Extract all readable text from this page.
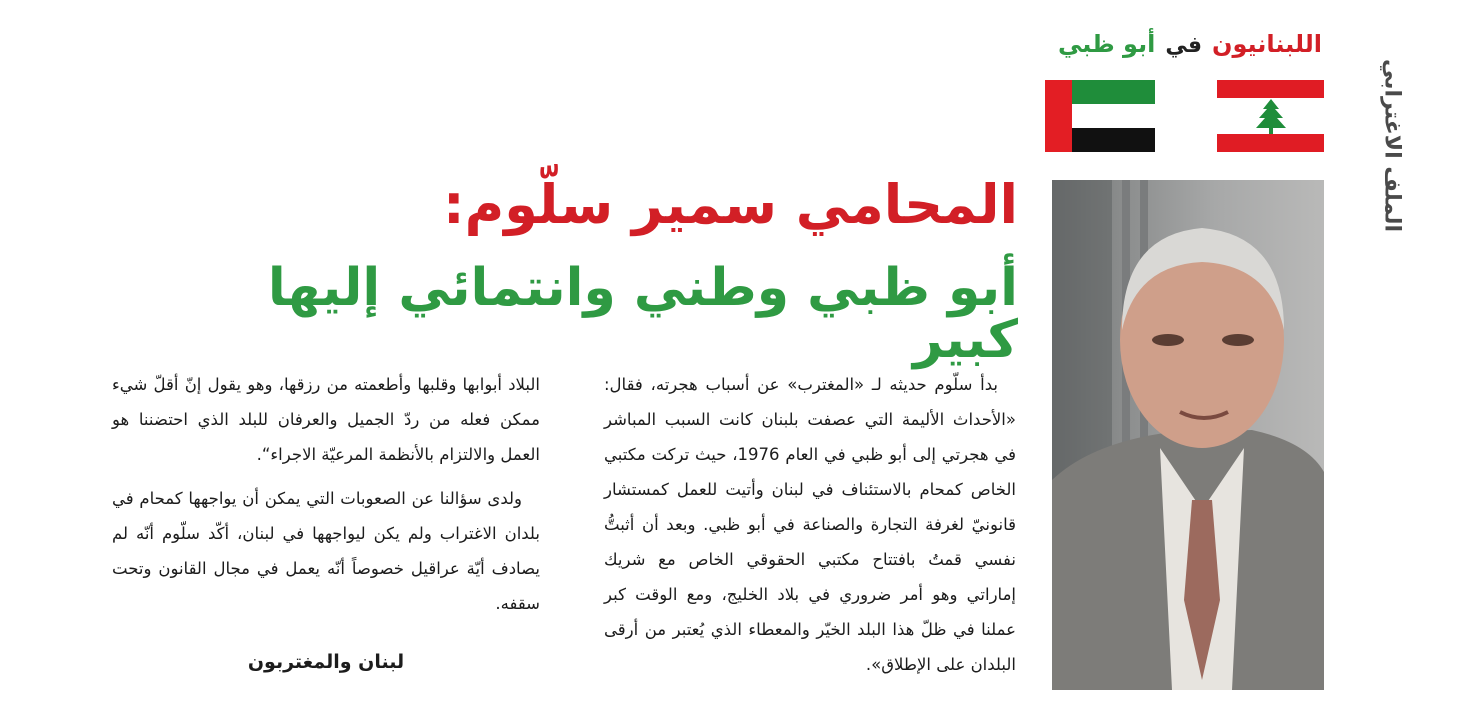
الملف الاغترابي
اللبنانيون
في
أبو ظبي
المحامي سمير سلّوم:
أبو ظبي وطني وانتمائي إليها كبير

بدأ سلّوم حديثه لـ «المغترب» عن أسباب هجرته، فقال: «الأحداث الأليمة التي عصفت بلبنان كانت السبب المباشر في هجرتي إلى أبو ظبي في العام 1976، حيث تركت مكتبي الخاص كمحام بالاستئناف في لبنان وأتيت للعمل كمستشار قانونيّ لغرفة التجارة والصناعة في أبو ظبي. وبعد أن أثبتُّ نفسي قمتُ بافتتاح مكتبي الحقوقي الخاص مع شريك إماراتي وهو أمر ضروري في بلاد الخليج، ومع الوقت كبر عملنا في ظلّ هذا البلد الخيّر والمعطاء الذي يُعتبر من أرقى البلدان على الإطلاق».

البلاد أبوابها وقلبها وأطعمته من رزقها، وهو يقول إنّ أقلّ شيء ممكن فعله من ردّ الجميل والعرفان للبلد الذي احتضننا هو العمل والالتزام بالأنظمة المرعيّة الاجراء“.

ولدى سؤالنا عن الصعوبات التي يمكن أن يواجهها كمحام في بلدان الاغتراب ولم يكن ليواجهها في لبنان، أكّد سلّوم أنّه لم يصادف أيّة عراقيل خصوصاً أنّه يعمل في مجال القانون وتحت سقفه.

لبنان والمغتربون
